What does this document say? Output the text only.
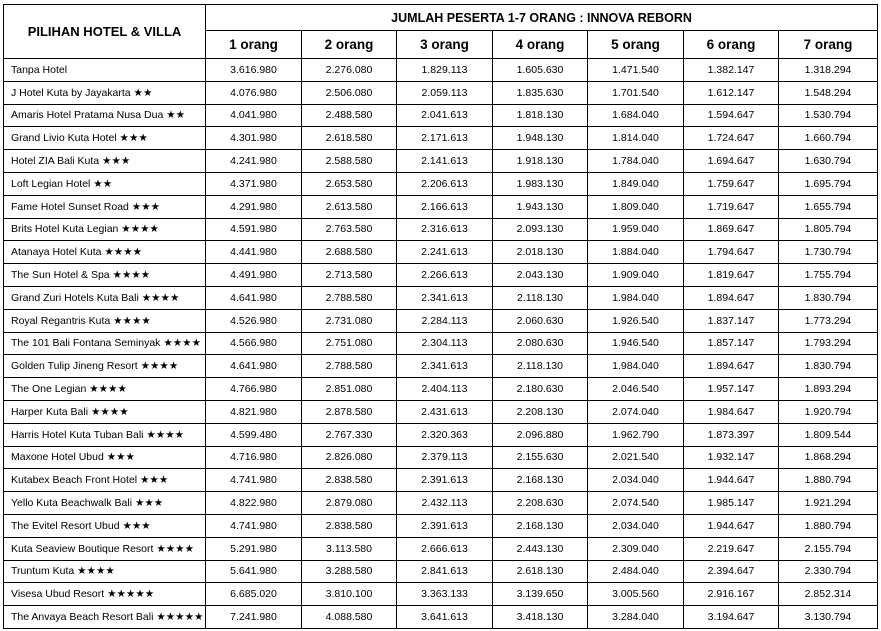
PILIHAN HOTEL & VILLA	JUMLAH PESERTA 1-7 ORANG : INNOVA REBORN						
	1 orang	2 orang	3 orang	4 orang	5 orang	6 orang	7 orang
Tanpa Hotel	3.616.980	2.276.080	1.829.113	1.605.630	1.471.540	1.382.147	1.318.294
J Hotel Kuta by Jayakarta ★★	4.076.980	2.506.080	2.059.113	1.835.630	1.701.540	1.612.147	1.548.294
Amaris Hotel Pratama Nusa Dua ★★	4.041.980	2.488.580	2.041.613	1.818.130	1.684.040	1.594.647	1.530.794
Grand Livio Kuta Hotel ★★★	4.301.980	2.618.580	2.171.613	1.948.130	1.814.040	1.724.647	1.660.794
Hotel ZIA Bali Kuta ★★★	4.241.980	2.588.580	2.141.613	1.918.130	1.784.040	1.694.647	1.630.794
Loft Legian Hotel ★★	4.371.980	2.653.580	2.206.613	1.983.130	1.849.040	1.759.647	1.695.794
Fame Hotel Sunset Road ★★★	4.291.980	2.613.580	2.166.613	1.943.130	1.809.040	1.719.647	1.655.794
Brits Hotel Kuta Legian ★★★★	4.591.980	2.763.580	2.316.613	2.093.130	1.959.040	1.869.647	1.805.794
Atanaya Hotel Kuta ★★★★	4.441.980	2.688.580	2.241.613	2.018.130	1.884.040	1.794.647	1.730.794
The Sun Hotel & Spa ★★★★	4.491.980	2.713.580	2.266.613	2.043.130	1.909.040	1.819.647	1.755.794
Grand Zuri Hotels Kuta Bali ★★★★	4.641.980	2.788.580	2.341.613	2.118.130	1.984.040	1.894.647	1.830.794
Royal Regantris Kuta ★★★★	4.526.980	2.731.080	2.284.113	2.060.630	1.926.540	1.837.147	1.773.294
The 101 Bali Fontana Seminyak ★★★★	4.566.980	2.751.080	2.304.113	2.080.630	1.946.540	1.857.147	1.793.294
Golden Tulip Jineng Resort ★★★★	4.641.980	2.788.580	2.341.613	2.118.130	1.984.040	1.894.647	1.830.794
The One Legian ★★★★	4.766.980	2.851.080	2.404.113	2.180.630	2.046.540	1.957.147	1.893.294
Harper Kuta Bali ★★★★	4.821.980	2.878.580	2.431.613	2.208.130	2.074.040	1.984.647	1.920.794
Harris Hotel Kuta Tuban Bali ★★★★	4.599.480	2.767.330	2.320.363	2.096.880	1.962.790	1.873.397	1.809.544
Maxone Hotel Ubud ★★★	4.716.980	2.826.080	2.379.113	2.155.630	2.021.540	1.932.147	1.868.294
Kutabex Beach Front Hotel ★★★	4.741.980	2.838.580	2.391.613	2.168.130	2.034.040	1.944.647	1.880.794
Yello Kuta Beachwalk Bali ★★★	4.822.980	2.879.080	2.432.113	2.208.630	2.074.540	1.985.147	1.921.294
The Evitel Resort Ubud ★★★	4.741.980	2.838.580	2.391.613	2.168.130	2.034.040	1.944.647	1.880.794
Kuta Seaview Boutique Resort ★★★★	5.291.980	3.113.580	2.666.613	2.443.130	2.309.040	2.219.647	2.155.794
Truntum Kuta ★★★★	5.641.980	3.288.580	2.841.613	2.618.130	2.484.040	2.394.647	2.330.794
Visesa Ubud Resort ★★★★★	6.685.020	3.810.100	3.363.133	3.139.650	3.005.560	2.916.167	2.852.314
The Anvaya Beach Resort Bali ★★★★★	7.241.980	4.088.580	3.641.613	3.418.130	3.284.040	3.194.647	3.130.794
